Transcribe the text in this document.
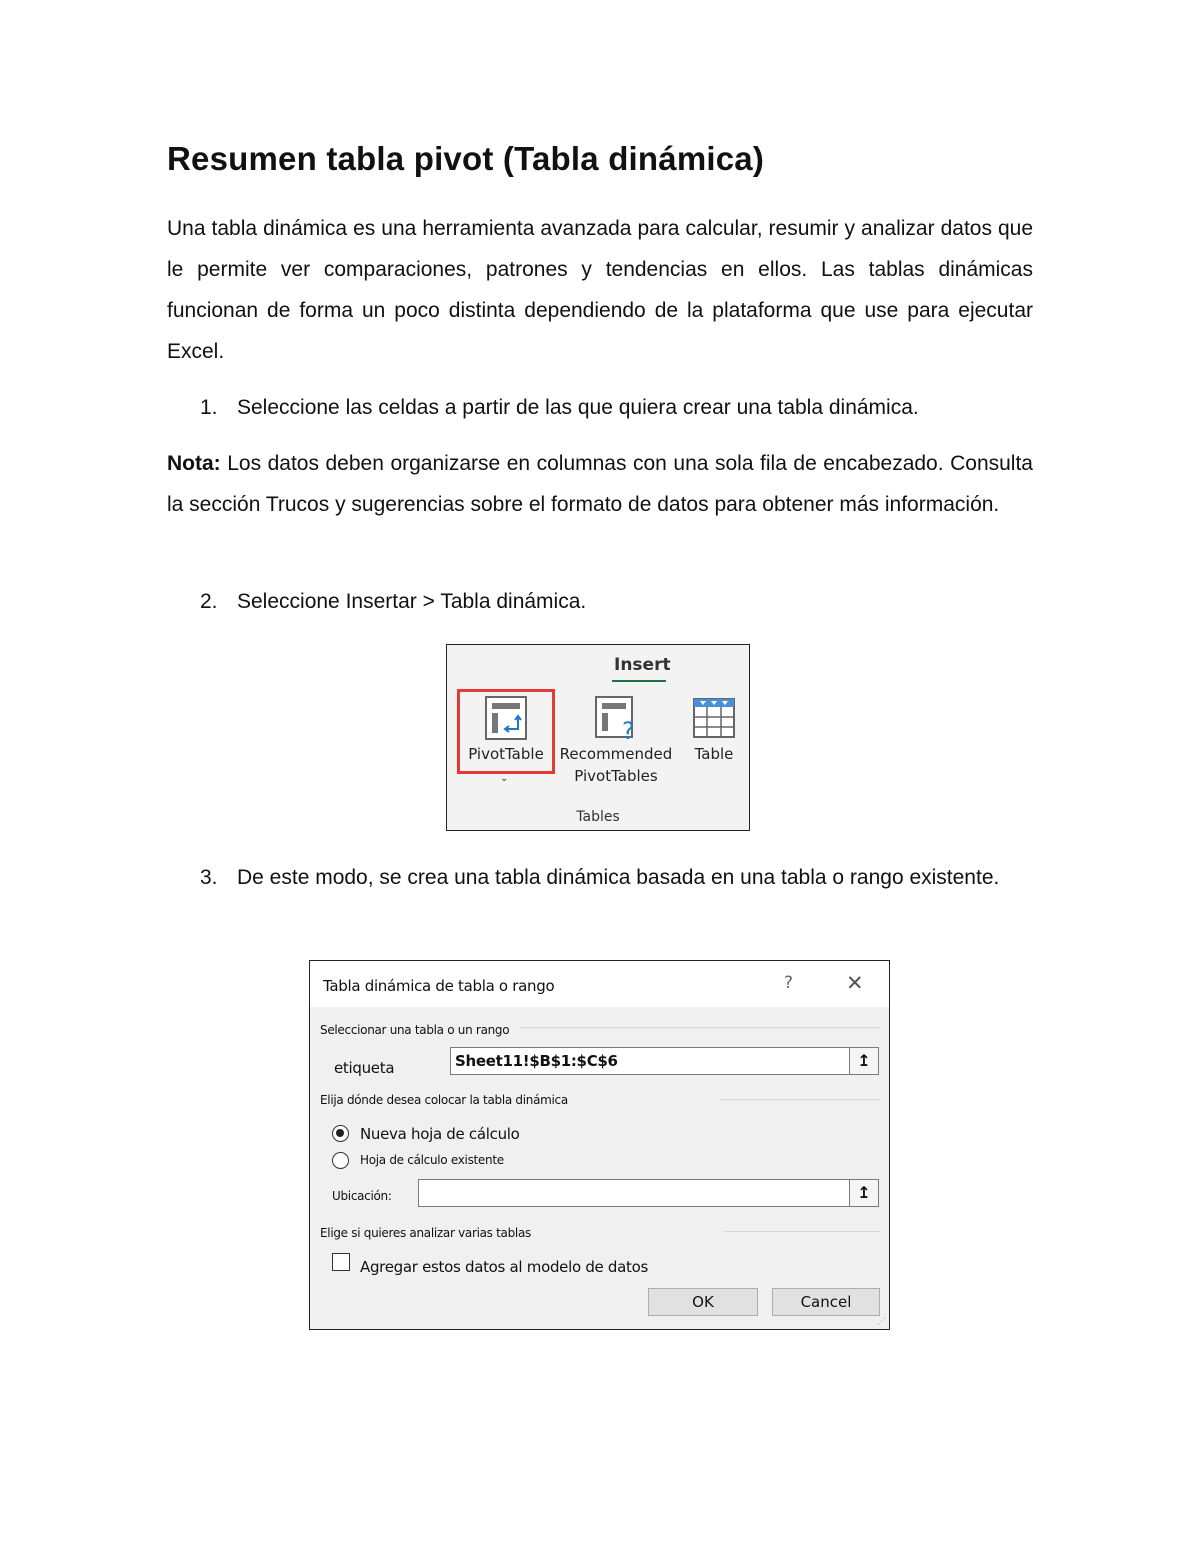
Resumen tabla pivot (Tabla dinámica)

Una tabla dinámica es una herramienta avanzada para calcular, resumir y analizar datos que le permite ver comparaciones, patrones y tendencias en ellos. Las tablas dinámicas funcionan de forma un poco distinta dependiendo de la plataforma que use para ejecutar Excel.

1. Seleccione las celdas a partir de las que quiera crear una tabla dinámica.

Nota: Los datos deben organizarse en columnas con una sola fila de encabezado. Consulta la sección Trucos y sugerencias sobre el formato de datos para obtener más información.

2. Seleccione Insertar > Tabla dinámica.
Insert
PivotTable
⌄
?
Recommended
PivotTables
Table
Tables
3. De este modo, se crea una tabla dinámica basada en una tabla o rango existente.
Tabla dinámica de tabla o rango	?	✕
Seleccionar una tabla o un rango
etiqueta	Sheet11!$B$1:$C$6	↥
Elija dónde desea colocar la tabla dinámica
Nueva hoja de cálculo
Hoja de cálculo existente
Ubicación:	↥
Elige si quieres analizar varias tablas
Agregar estos datos al modelo de datos
OK	Cancel
⋰
